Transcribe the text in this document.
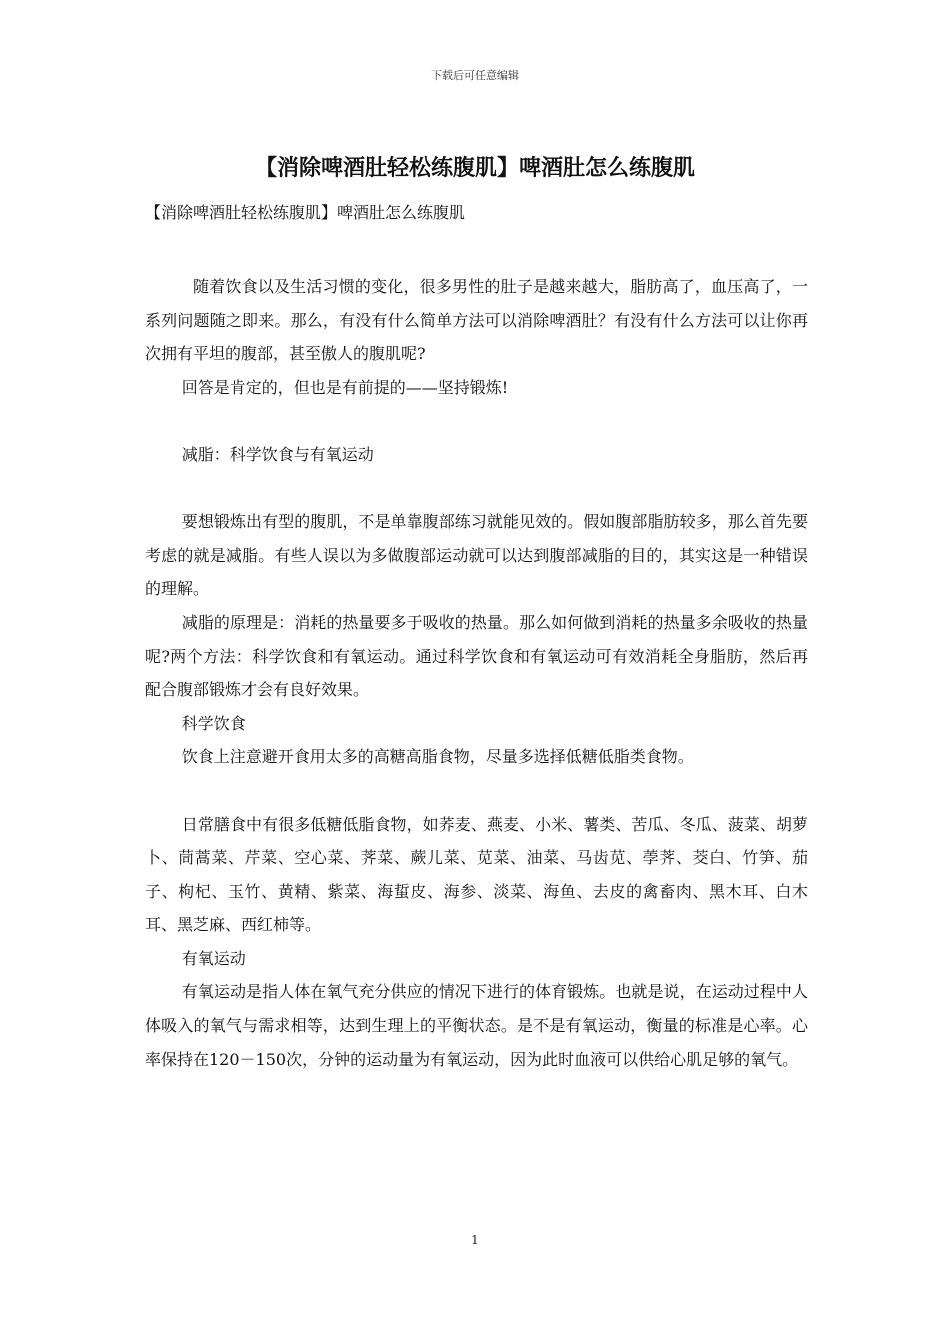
下载后可任意编辑
【消除啤酒肚轻松练腹肌】啤酒肚怎么练腹肌
【消除啤酒肚轻松练腹肌】啤酒肚怎么练腹肌

随着饮食以及生活习惯的变化，很多男性的肚子是越来越大，脂肪高了，血压高了，一系列问题随之即来。那么，有没有什么简单方法可以消除啤酒肚？有没有什么方法可以让你再次拥有平坦的腹部，甚至傲人的腹肌呢?

回答是肯定的，但也是有前提的——坚持锻炼!

减脂：科学饮食与有氧运动

要想锻炼出有型的腹肌，不是单靠腹部练习就能见效的。假如腹部脂肪较多，那么首先要考虑的就是减脂。有些人误以为多做腹部运动就可以达到腹部减脂的目的，其实这是一种错误的理解。

减脂的原理是：消耗的热量要多于吸收的热量。那么如何做到消耗的热量多余吸收的热量呢?两个方法：科学饮食和有氧运动。通过科学饮食和有氧运动可有效消耗全身脂肪，然后再配合腹部锻炼才会有良好效果。

科学饮食

饮食上注意避开食用太多的高糖高脂食物，尽量多选择低糖低脂类食物。

日常膳食中有很多低糖低脂食物，如荞麦、燕麦、小米、薯类、苦瓜、冬瓜、菠菜、胡萝卜、茼蒿菜、芹菜、空心菜、荠菜、蕨儿菜、苋菜、油菜、马齿苋、荸荠、茭白、竹笋、茄子、枸杞、玉竹、黄精、紫菜、海蜇皮、海参、淡菜、海鱼、去皮的禽畜肉、黑木耳、白木耳、黑芝麻、西红柿等。

有氧运动

有氧运动是指人体在氧气充分供应的情况下进行的体育锻炼。也就是说，在运动过程中人体吸入的氧气与需求相等，达到生理上的平衡状态。是不是有氧运动，衡量的标准是心率。心率保持在120－150次，分钟的运动量为有氧运动，因为此时血液可以供给心肌足够的氧气。

1
